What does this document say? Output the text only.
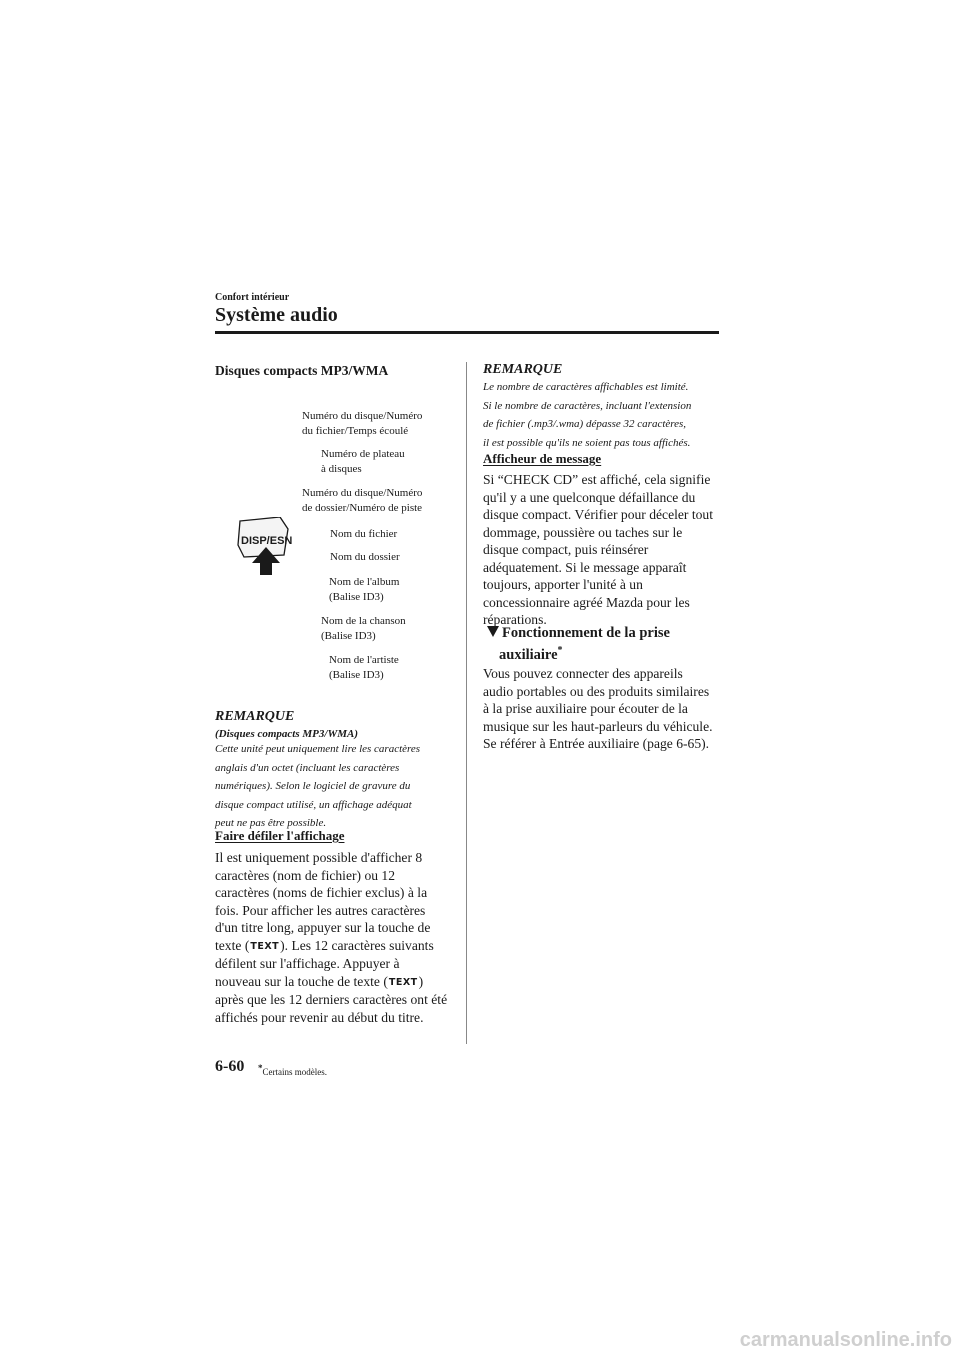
Confort intérieur
Système audio
Disques compacts MP3/WMA
DISP/ESN
Numéro du disque/Numéro
du fichier/Temps écoulé
Numéro de plateau
à disques
Numéro du disque/Numéro
de dossier/Numéro de piste
Nom du fichier
Nom du dossier
Nom de l'album
(Balise ID3)
Nom de la chanson
(Balise ID3)
Nom de l'artiste
(Balise ID3)
REMARQUE
(Disques compacts MP3/WMA)
Cette unité peut uniquement lire les caractères
anglais d'un octet (incluant les caractères
numériques). Selon le logiciel de gravure du
disque compact utilisé, un affichage adéquat
peut ne pas être possible.
Faire défiler l'affichage
Il est uniquement possible d'afficher 8
caractères (nom de fichier) ou 12
caractères (noms de fichier exclus) à la
fois. Pour afficher les autres caractères
d'un titre long, appuyer sur la touche de
texte (TEXT). Les 12 caractères suivants
défilent sur l'affichage. Appuyer à
nouveau sur la touche de texte (TEXT)
après que les 12 derniers caractères ont été
affichés pour revenir au début du titre.
REMARQUE
Le nombre de caractères affichables est limité.
Si le nombre de caractères, incluant l'extension
de fichier (.mp3/.wma) dépasse 32 caractères,
il est possible qu'ils ne soient pas tous affichés.
Afficheur de message
Si “CHECK CD” est affiché, cela signifie
qu'il y a une quelconque défaillance du
disque compact. Vérifier pour déceler tout
dommage, poussière ou taches sur le
disque compact, puis réinsérer
adéquatement. Si le message apparaît
toujours, apporter l'unité à un
concessionnaire agréé Mazda pour les
réparations.
Fonctionnement de la prise
auxiliaire*
Vous pouvez connecter des appareils
audio portables ou des produits similaires
à la prise auxiliaire pour écouter de la
musique sur les haut-parleurs du véhicule.
Se référer à Entrée auxiliaire (page 6-65).
6-60 *Certains modèles.
carmanualsonline.info
